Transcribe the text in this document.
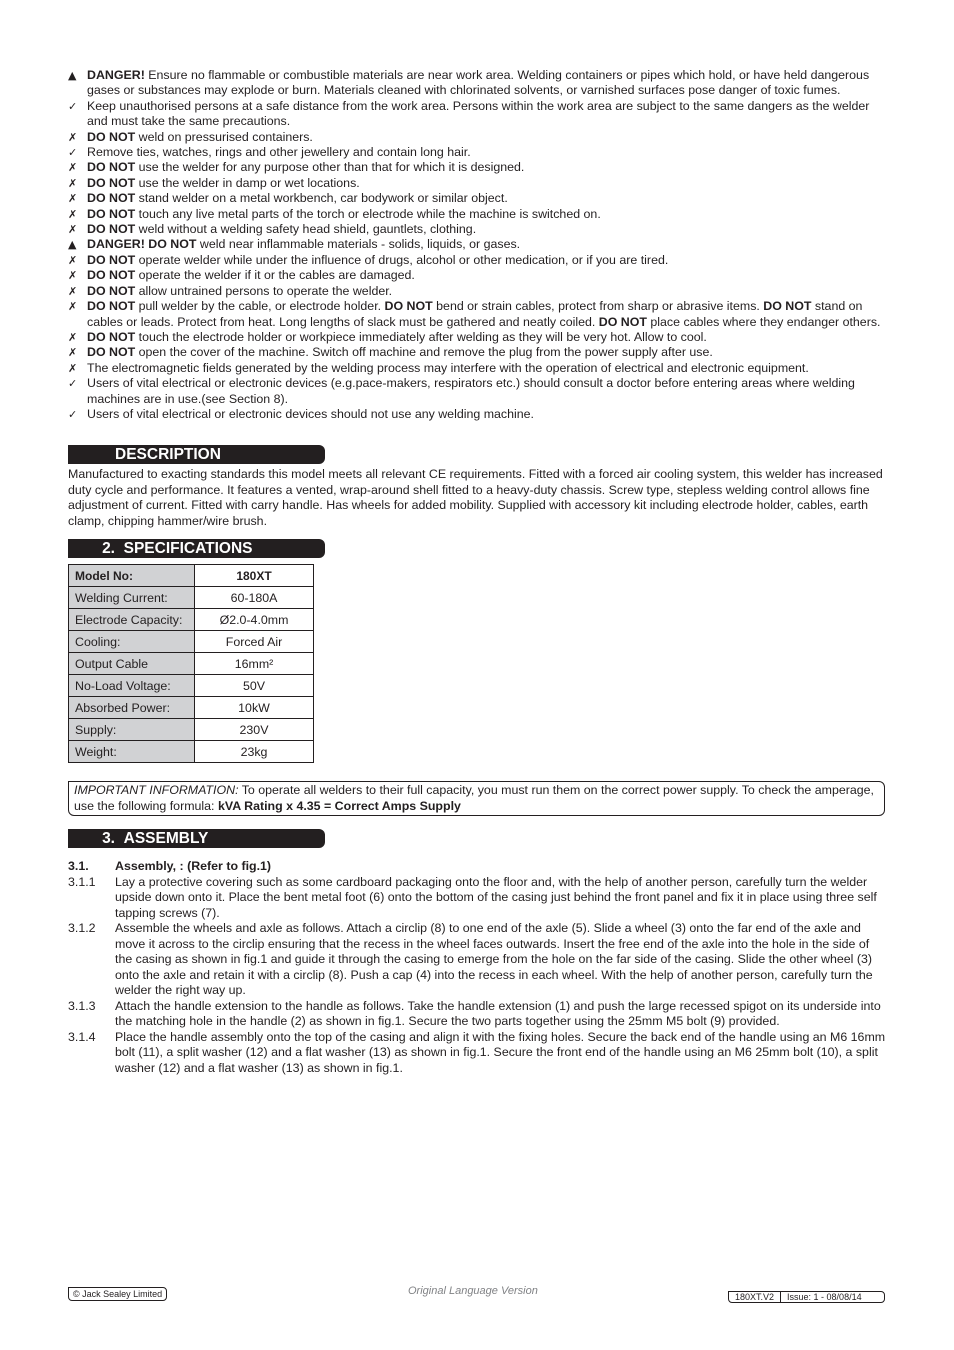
▲ DANGER! Ensure no flammable or combustible materials are near work area. Welding containers or pipes which hold, or have held dangerous gases or substances may explode or burn. Materials cleaned with chlorinated solvents, or varnished surfaces pose danger of toxic fumes.
✓ Keep unauthorised persons at a safe distance from the work area. Persons within the work area are subject to the same dangers as the welder and must take the same precautions.
✗ DO NOT weld on pressurised containers.
✓ Remove ties, watches, rings and other jewellery and contain long hair.
✗ DO NOT use the welder for any purpose other than that for which it is designed.
✗ DO NOT use the welder in damp or wet locations.
✗ DO NOT stand welder on a metal workbench, car bodywork or similar object.
✗ DO NOT touch any live metal parts of the torch or electrode while the machine is switched on.
✗ DO NOT weld without a welding safety head shield, gauntlets, clothing.
▲ DANGER! DO NOT weld near inflammable materials - solids, liquids, or gases.
✗ DO NOT operate welder while under the influence of drugs, alcohol or other medication, or if you are tired.
✗ DO NOT operate the welder if it or the cables are damaged.
✗ DO NOT allow untrained persons to operate the welder.
✗ DO NOT pull welder by the cable, or electrode holder. DO NOT bend or strain cables, protect from sharp or abrasive items. DO NOT stand on cables or leads. Protect from heat. Long lengths of slack must be gathered and neatly coiled. DO NOT place cables where they endanger others.
✗ DO NOT touch the electrode holder or workpiece immediately after welding as they will be very hot. Allow to cool.
✗ DO NOT open the cover of the machine. Switch off machine and remove the plug from the power supply after use.
✗ The electromagnetic fields generated by the welding process may interfere with the operation of electrical and electronic equipment.
✓ Users of vital electrical or electronic devices (e.g.pace-makers, respirators etc.) should consult a doctor before entering areas where welding machines are in use.(see Section 8).
✓ Users of vital electrical or electronic devices should not use any welding machine.
DESCRIPTION
Manufactured to exacting standards this model meets all relevant CE requirements. Fitted with a forced air cooling system, this welder has increased duty cycle and performance. It features a vented, wrap-around shell fitted to a heavy-duty chassis. Screw type, stepless welding control allows fine adjustment of current. Fitted with carry handle. Has wheels for added mobility. Supplied with accessory kit including electrode holder, cables, earth clamp, chipping hammer/wire brush.
2. SPECIFICATIONS
Model No:	180XT
Welding Current:	60-180A
Electrode Capacity:	Ø2.0-4.0mm
Cooling:	Forced Air
Output Cable	16mm²
No-Load Voltage:	50V
Absorbed Power:	10kW
Supply:	230V
Weight:	23kg
IMPORTANT INFORMATION: To operate all welders to their full capacity, you must run them on the correct power supply. To check the amperage, use the following formula: kVA Rating x 4.35 = Correct Amps Supply
3. ASSEMBLY
3.1.	Assembly, : (Refer to fig.1)
3.1.1	Lay a protective covering such as some cardboard packaging onto the floor and, with the help of another person, carefully turn the welder upside down onto it. Place the bent metal foot (6) onto the bottom of the casing just behind the front panel and fix it in place using three self tapping screws (7).
3.1.2	Assemble the wheels and axle as follows. Attach a circlip (8) to one end of the axle (5). Slide a wheel (3) onto the far end of the axle and move it across to the circlip ensuring that the recess in the wheel faces outwards. Insert the free end of the axle into the hole in the side of the casing as shown in fig.1 and guide it through the casing to emerge from the hole on the far side of the casing. Slide the other wheel (3) onto the axle and retain it with a circlip (8). Push a cap (4) into the recess in each wheel. With the help of another person, carefully turn the welder the right way up.
3.1.3	Attach the handle extension to the handle as follows. Take the handle extension (1) and push the large recessed spigot on its underside into the matching hole in the handle (2) as shown in fig.1. Secure the two parts together using the 25mm M5 bolt (9) provided.
3.1.4	Place the handle assembly onto the top of the casing and align it with the fixing holes. Secure the back end of the handle using an M6 16mm bolt (11), a split washer (12) and a flat washer (13) as shown in fig.1. Secure the front end of the handle using an M6 25mm bolt (10), a split washer (12) and a flat washer (13) as shown in fig.1.
© Jack Sealey Limited	Original Language Version	180XT.V2	Issue: 1 - 08/08/14
